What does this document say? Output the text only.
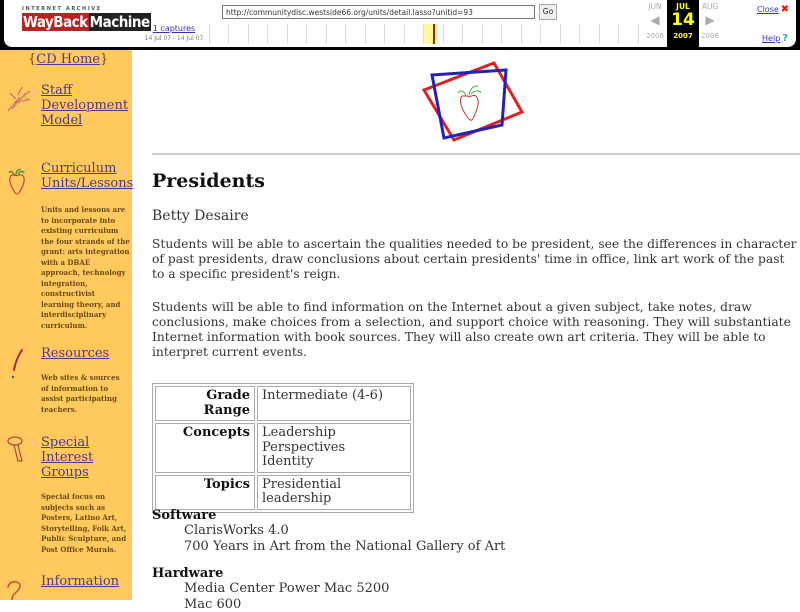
INTERNET ARCHIVE
WayBack Machine 1 captures
14 Jul 07 - 14 Jul 07
http://communitydisc.westside66.org/units/detail.lasso?unitid=93
Go
JUN
◀
2006
JUL
14
2007
AUG
▶
2008
Close ✖
Help ?
{CD Home}
Staff
Development
Model
Curriculum
Units/Lessons
Units and lessons are
to incorporate into
existing curriculum
the four strands of the
grant: arts integration
with a DBAE
approach, technology
integration,
constructivist
learning theory, and
interdisciplinary
curriculum.
Resources
Web sites & sources
of information to
assist participating
teachers.
Special
Interest
Groups
Special focus on
subjects such as
Posters, Latino Art,
Storytelling, Folk Art,
Public Sculpture, and
Post Office Murals.
Information
Presidents
Betty Desaire

Students will be able to ascertain the qualities needed to be president, see the differences in character of past presidents, draw conclusions about certain presidents' time in office, link art work of the past to a specific president's reign.

Students will be able to find information on the Internet about a given subject, take notes, draw conclusions, make choices from a selection, and support choice with reasoning. They will substantiate Internet information with book sources. They will also create own art criteria. They will be able to interpret current events.

Grade Range	Intermediate (4-6)
Concepts	Leadership
Perspectives
Identity

Topics	Presidential leadership
Software
ClarisWorks 4.0
700 Years in Art from the National Gallery of Art
Hardware
Media Center Power Mac 5200
Mac 600
